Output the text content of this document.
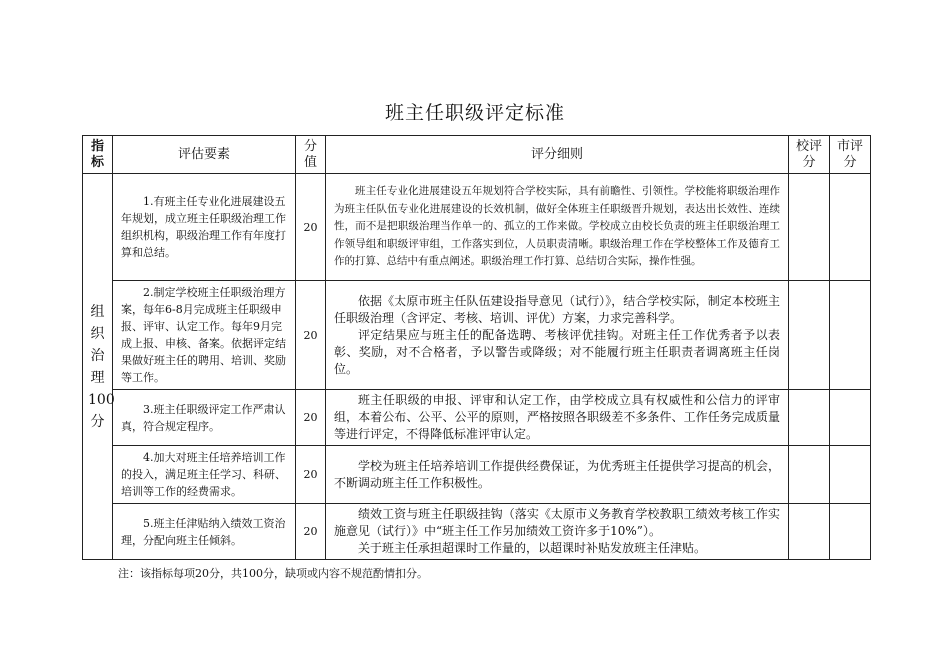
班主任职级评定标准
指标	评估要素	分值	评分细则	校评分	市评分
组织治理
100分	1.有班主任专业化进展建设五年规划，成立班主任职级治理工作组织机构，职级治理工作有年度打算和总结。	20	班主任专业化进展建设五年规划符合学校实际，具有前瞻性、引领性。学校能将职级治理作为班主任队伍专业化进展建设的长效机制，做好全体班主任职级晋升规划，表达出长效性、连续性，而不是把职级治理当作单一的、孤立的工作来做。学校成立由校长负责的班主任职级治理工作领导组和职级评审组，工作落实到位，人员职责清晰。职级治理工作在学校整体工作及德育工作的打算、总结中有重点阐述。职级治理工作打算、总结切合实际，操作性强。		

	2.制定学校班主任职级治理方案，每年6-8月完成班主任职级申报、评审、认定工作。每年9月完成上报、申核、备案。依据评定结果做好班主任的聘用、培训、奖励等工作。	20	依据《太原市班主任队伍建设指导意见（试行）》，结合学校实际，制定本校班主任职级治理（含评定、考核、培训、评优）方案，力求完善科学。

评定结果应与班主任的配备选聘、考核评优挂钩。对班主任工作优秀者予以表彰、奖励，对不合格者，予以警告或降级；对不能履行班主任职责者调离班主任岗位。		

	3.班主任职级评定工作严肃认真，符合规定程序。	20	班主任职级的申报、评审和认定工作，由学校成立具有权威性和公信力的评审组，本着公布、公平、公平的原则，严格按照各职级差不多条件、工作任务完成质量等进行评定，不得降低标准评审认定。		

	4.加大对班主任培养培训工作的投入，满足班主任学习、科研、培训等工作的经费需求。	20	学校为班主任培养培训工作提供经费保证，为优秀班主任提供学习提高的机会，不断调动班主任工作积极性。		

	5.班主任津贴纳入绩效工资治理，分配向班主任倾斜。	20	绩效工资与班主任职级挂钩（落实《太原市义务教育学校教职工绩效考核工作实施意见（试行）》中“班主任工作另加绩效工资许多于10%”）。

关于班主任承担超课时工作量的，以超课时补贴发放班主任津贴。		

注：该指标每项20分，共100分，缺项或内容不规范酌情扣分。
